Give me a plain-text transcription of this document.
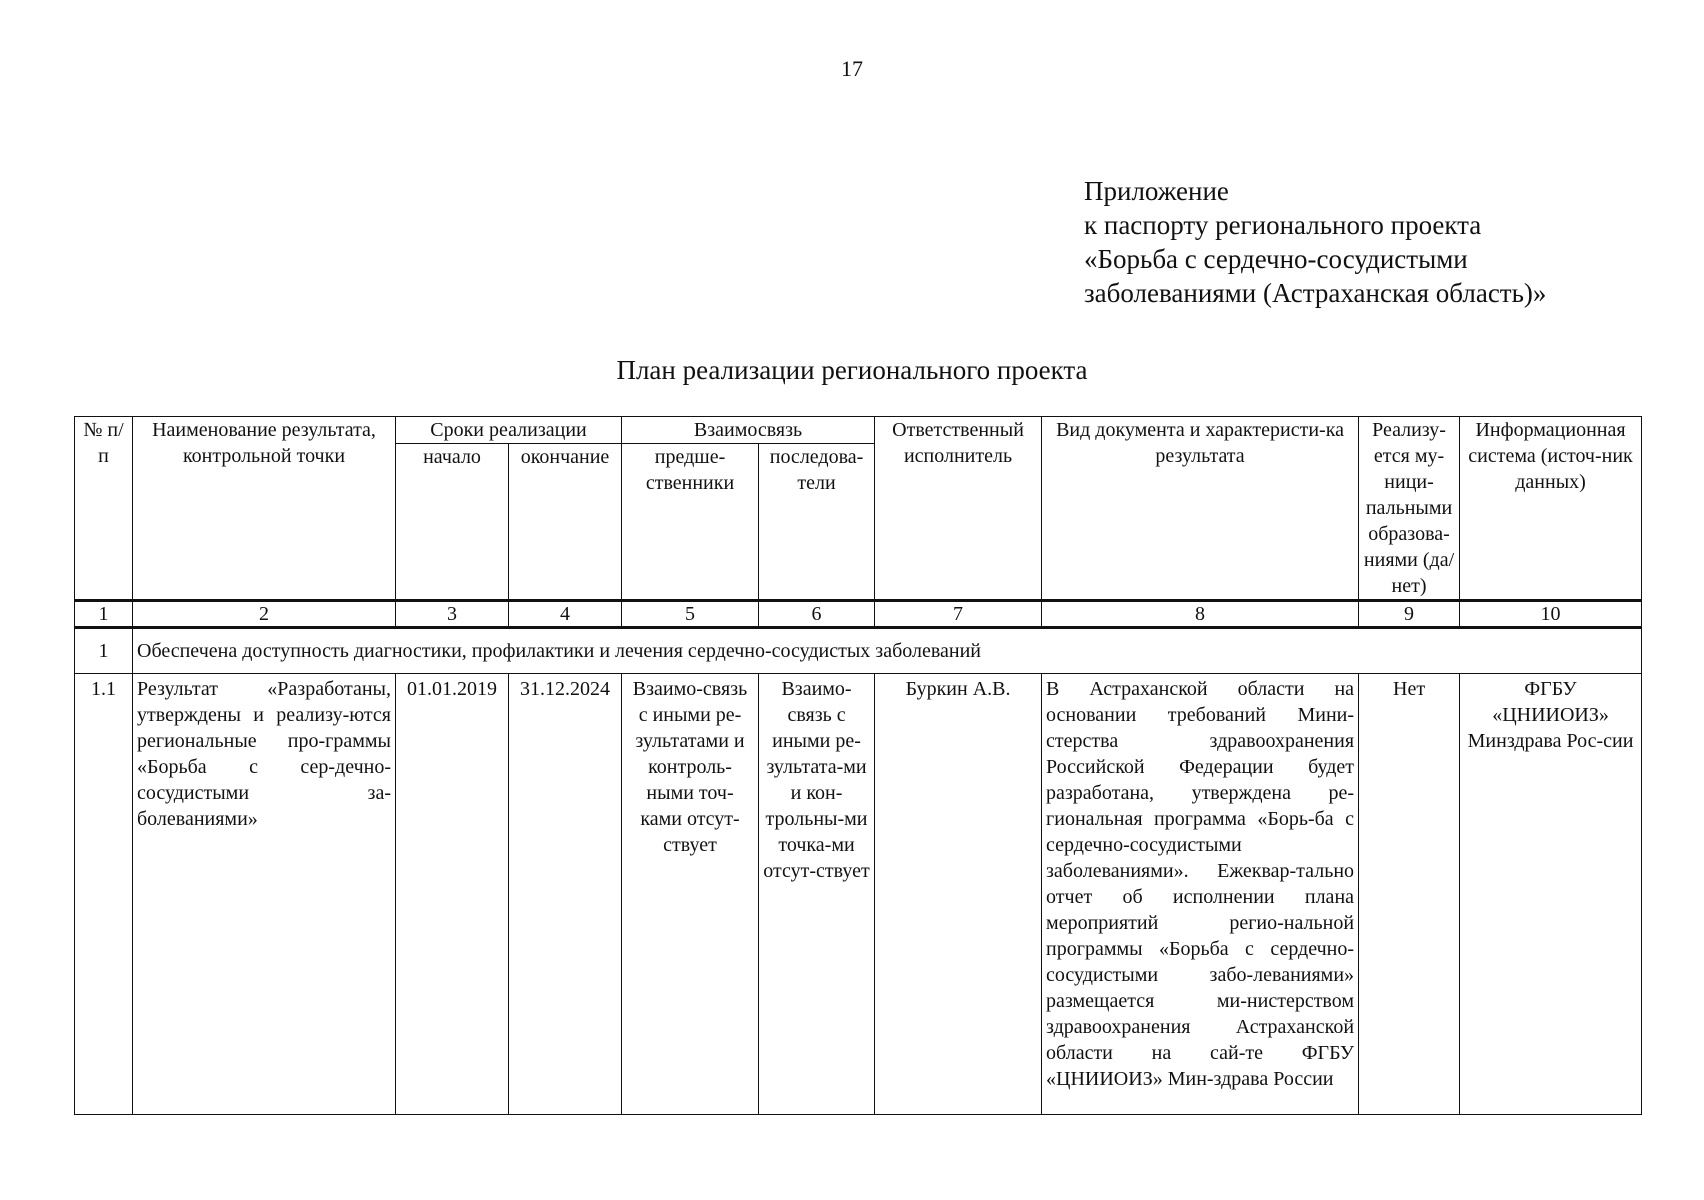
17
Приложение
к паспорту регионального проекта
«Борьба с сердечно-сосудистыми
заболеваниями (Астраханская область)»
План реализации регионального проекта
№ п/п	Наименование результата, контрольной точки	Сроки реализации		Взаимосвязь		Ответственный исполнитель	Вид документа и характеристи-ка результата	Реализу-ется му-ници-пальными образова-ниями (да/нет)	Информационная система (источ-ник данных)
		начало	окончание	предше-ственники	последова-тели				
1	2	3	4	5	6	7	8	9	10
1	Обеспечена доступность диагностики, профилактики и лечения сердечно-сосудистых заболеваний								
1.1	Результат «Разработаны, утверждены и реализу-ются региональные про-граммы «Борьба с сер-дечно-сосудистыми за-болеваниями»	01.01.2019	31.12.2024	Взаимо-связь с иными ре-зультатами и контроль-ными точ-ками отсут-ствует	Взаимо-связь с иными ре-зультата-ми и кон-трольны-ми точка-ми отсут-ствует	Буркин А.В.	В Астраханской области на основании требований Мини-стерства здравоохранения Российской Федерации будет разработана, утверждена ре-гиональная программа «Борь-ба с сердечно-сосудистыми заболеваниями». Ежеквар-тально отчет об исполнении плана мероприятий регио-нальной программы «Борьба с сердечно-сосудистыми забо-леваниями» размещается ми-нистерством здравоохранения Астраханской области на сай-те ФГБУ «ЦНИИОИЗ» Мин-здрава России	Нет	ФГБУ «ЦНИИОИЗ» Минздрава Рос-сии
